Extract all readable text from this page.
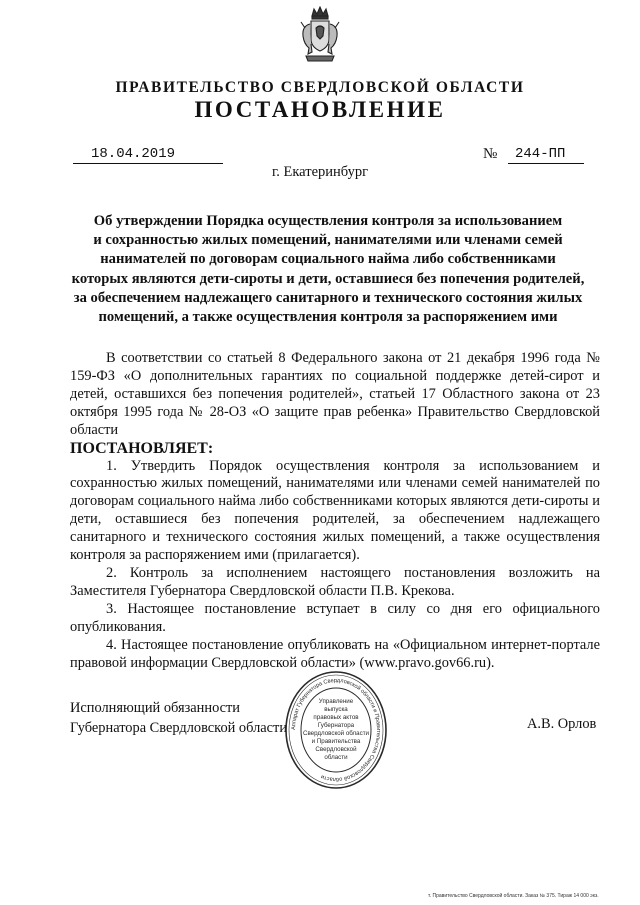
ПРАВИТЕЛЬСТВО СВЕРДЛОВСКОЙ ОБЛАСТИ
ПОСТАНОВЛЕНИЕ
18.04.2019	№ 244-ПП
г. Екатеринбург
Об утверждении Порядка осуществления контроля за использованием
и сохранностью жилых помещений, нанимателями или членами семей
нанимателей по договорам социального найма либо собственниками
которых являются дети-сироты и дети, оставшиеся без попечения родителей,
за обеспечением надлежащего санитарного и технического состояния жилых
помещений, а также осуществления контроля за распоряжением ими

В соответствии со статьей 8 Федерального закона от 21 декабря 1996 года № 159-ФЗ «О дополнительных гарантиях по социальной поддержке детей-сирот и детей, оставшихся без попечения родителей», статьей 17 Областного закона от 23 октября 1995 года № 28-ОЗ «О защите прав ребенка» Правительство Свердловской области

ПОСТАНОВЛЯЕТ:

1. Утвердить Порядок осуществления контроля за использованием и сохранностью жилых помещений, нанимателями или членами семей нанимателей по договорам социального найма либо собственниками которых являются дети-сироты и дети, оставшиеся без попечения родителей, за обеспечением надлежащего санитарного и технического состояния жилых помещений, а также осуществления контроля за распоряжением ими (прилагается).

2. Контроль за исполнением настоящего постановления возложить на Заместителя Губернатора Свердловской области П.В. Крекова.

3. Настоящее постановление вступает в силу со дня его официального опубликования.

4. Настоящее постановление опубликовать на «Официальном интернет-портале правовой информации Свердловской области» (www.pravo.gov66.ru).

Исполняющий обязанности
Губернатора Свердловской области	А.В. Орлов
Аппарат Губернатора Свердловской области и Правительства Свердловской области
Управление
выпуска
правовых актов
Губернатора
Свердловской области
и Правительства
Свердловской
области
т. Правительство Свердловской области. Заказ № 375. Тираж 14 000 экз.
